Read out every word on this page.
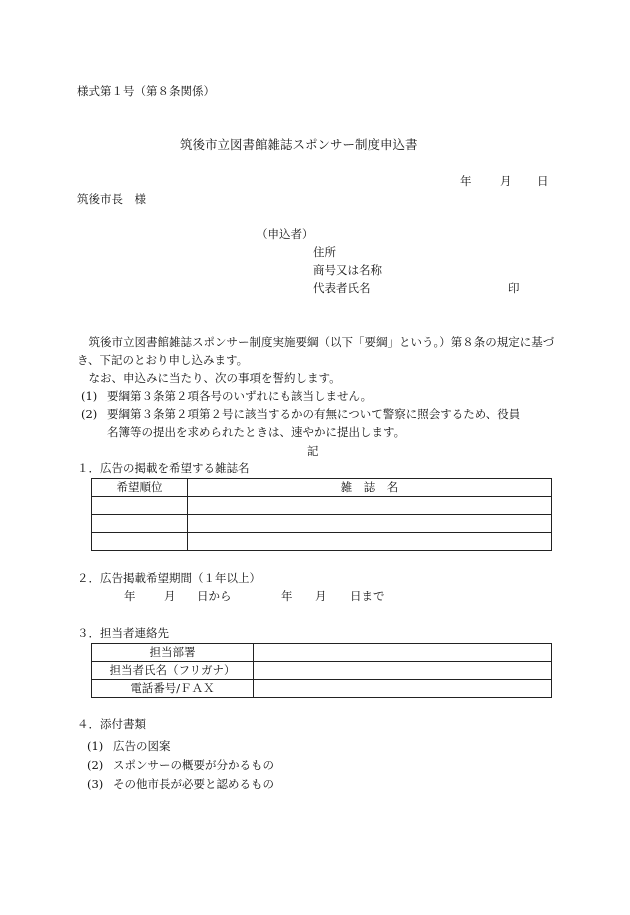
様式第１号（第８条関係）
筑後市立図書館雑誌スポンサー制度申込書
年 月 日
筑後市長　様
（申込者）
住所
商号又は名称
代表者氏名	印

筑後市立図書館雑誌スポンサー制度実施要綱（以下「要綱」という。）第８条の規定に基づき、下記のとおり申し込みます。

なお、申込みに当たり、次の事項を誓約します。

(1) 要綱第３条第２項各号のいずれにも該当しません。
(2) 要綱第３条第２項第２号に該当するかの有無について警察に照会するため、役員
名簿等の提出を求められたときは、速やかに提出します。
記
１．広告の掲載を希望する雑誌名
希望順位	雑　誌　名

２．広告掲載希望期間（１年以上）
年 月 日から	年 月 日まで
３．担当者連絡先
担当部署	
担当者氏名（フリガナ）	
電話番号/ＦＡＸ	
４．添付書類
(1) 広告の図案
(2) スポンサーの概要が分かるもの
(3) その他市長が必要と認めるもの
